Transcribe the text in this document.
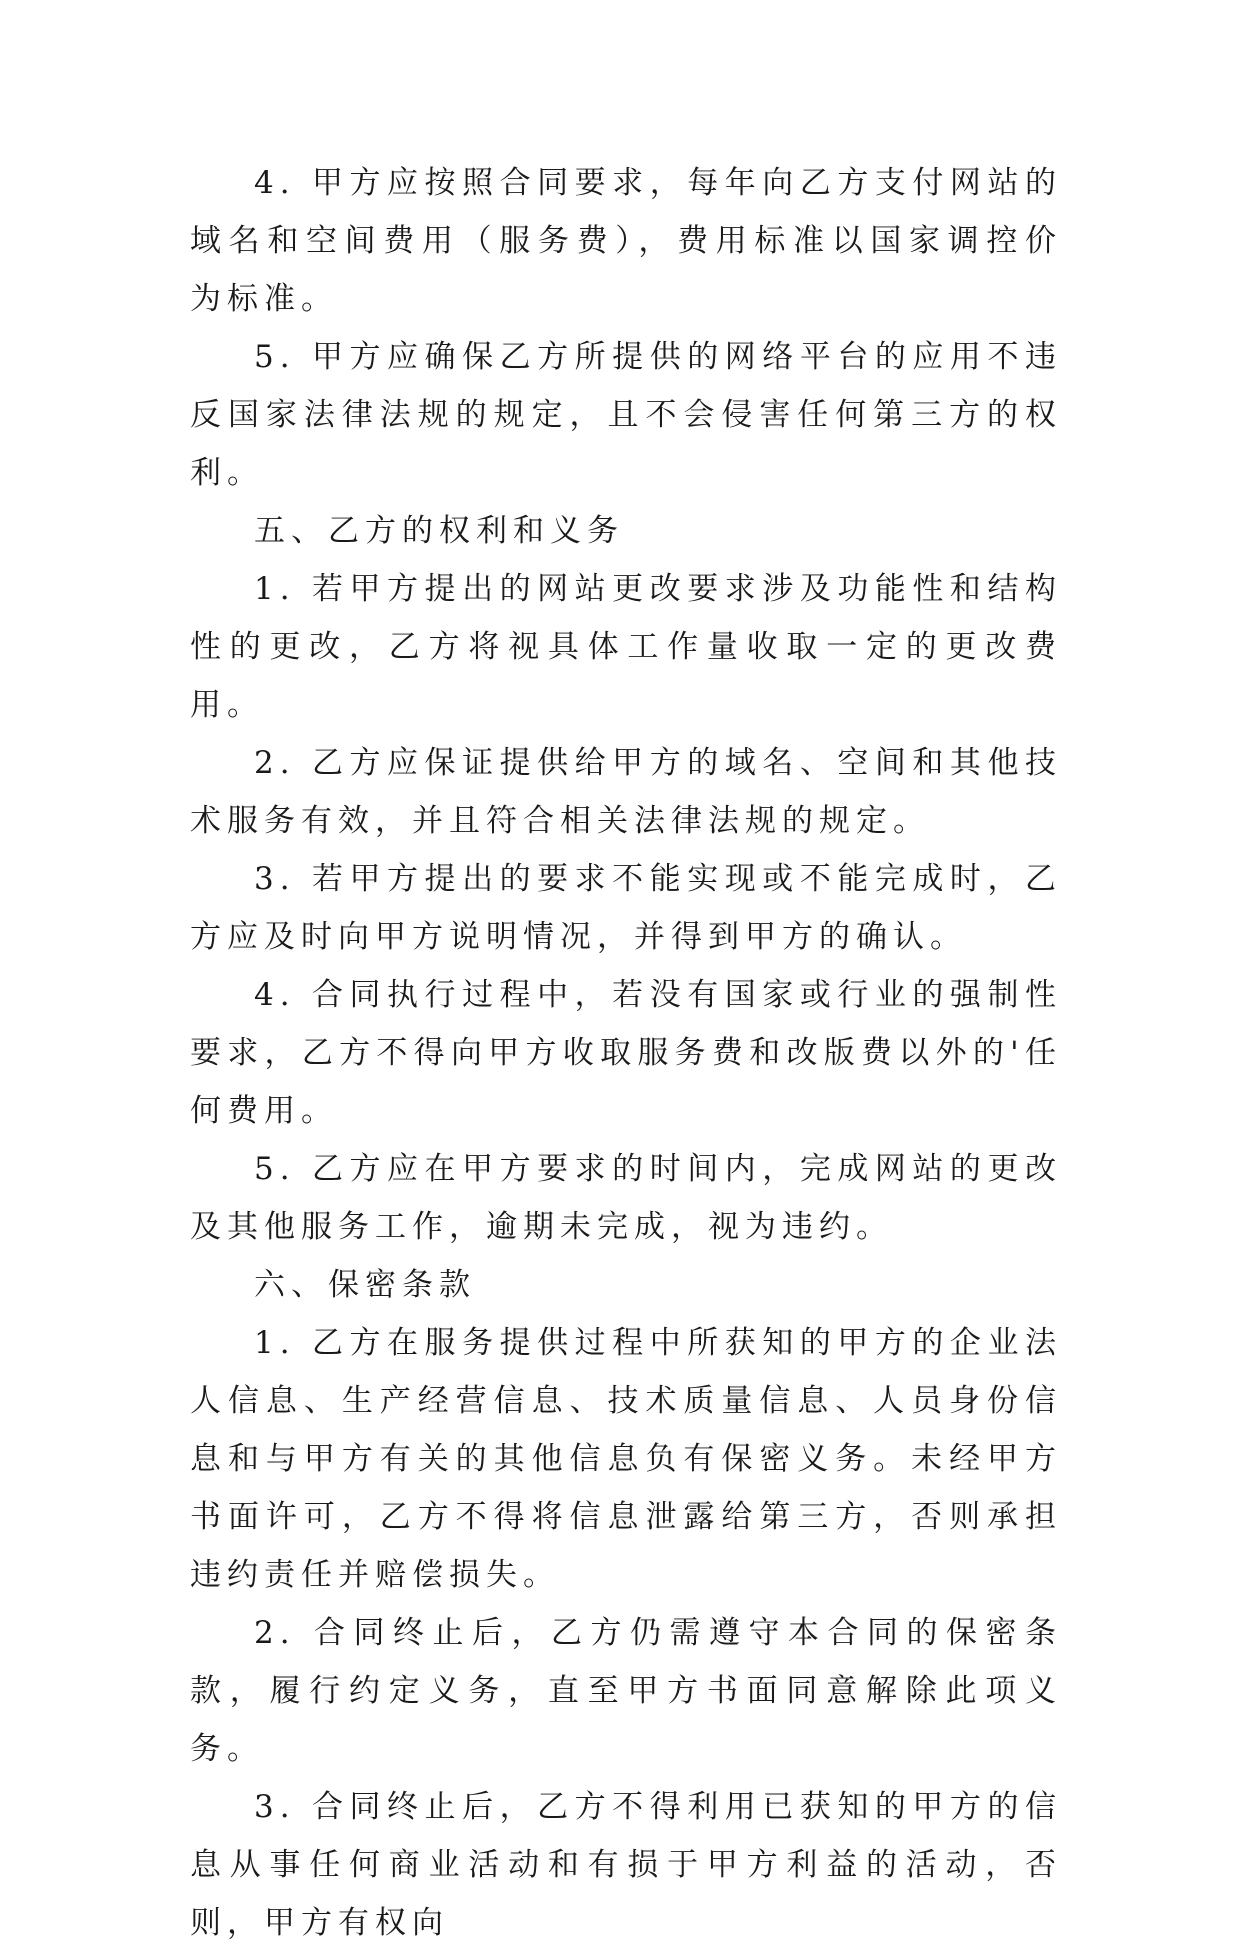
4. 甲方应按照合同要求，每年向乙方支付网站的域名和空间费用（服务费），费用标准以国家调控价为标准。

5. 甲方应确保乙方所提供的网络平台的应用不违反国家法律法规的规定，且不会侵害任何第三方的权利。

五、乙方的权利和义务

1. 若甲方提出的网站更改要求涉及功能性和结构性的更改，乙方将视具体工作量收取一定的更改费用。

2. 乙方应保证提供给甲方的域名、空间和其他技术服务有效，并且符合相关法律法规的规定。

3. 若甲方提出的要求不能实现或不能完成时，乙方应及时向甲方说明情况，并得到甲方的确认。

4. 合同执行过程中，若没有国家或行业的强制性要求，乙方不得向甲方收取服务费和改版费以外的'任何费用。

5. 乙方应在甲方要求的时间内，完成网站的更改及其他服务工作，逾期未完成，视为违约。

六、保密条款

1. 乙方在服务提供过程中所获知的甲方的企业法人信息、生产经营信息、技术质量信息、人员身份信息和与甲方有关的其他信息负有保密义务。未经甲方书面许可，乙方不得将信息泄露给第三方，否则承担违约责任并赔偿损失。

2. 合同终止后，乙方仍需遵守本合同的保密条款，履行约定义务，直至甲方书面同意解除此项义务。

3. 合同终止后，乙方不得利用已获知的甲方的信息从事任何商业活动和有损于甲方利益的活动，否则，甲方有权向
